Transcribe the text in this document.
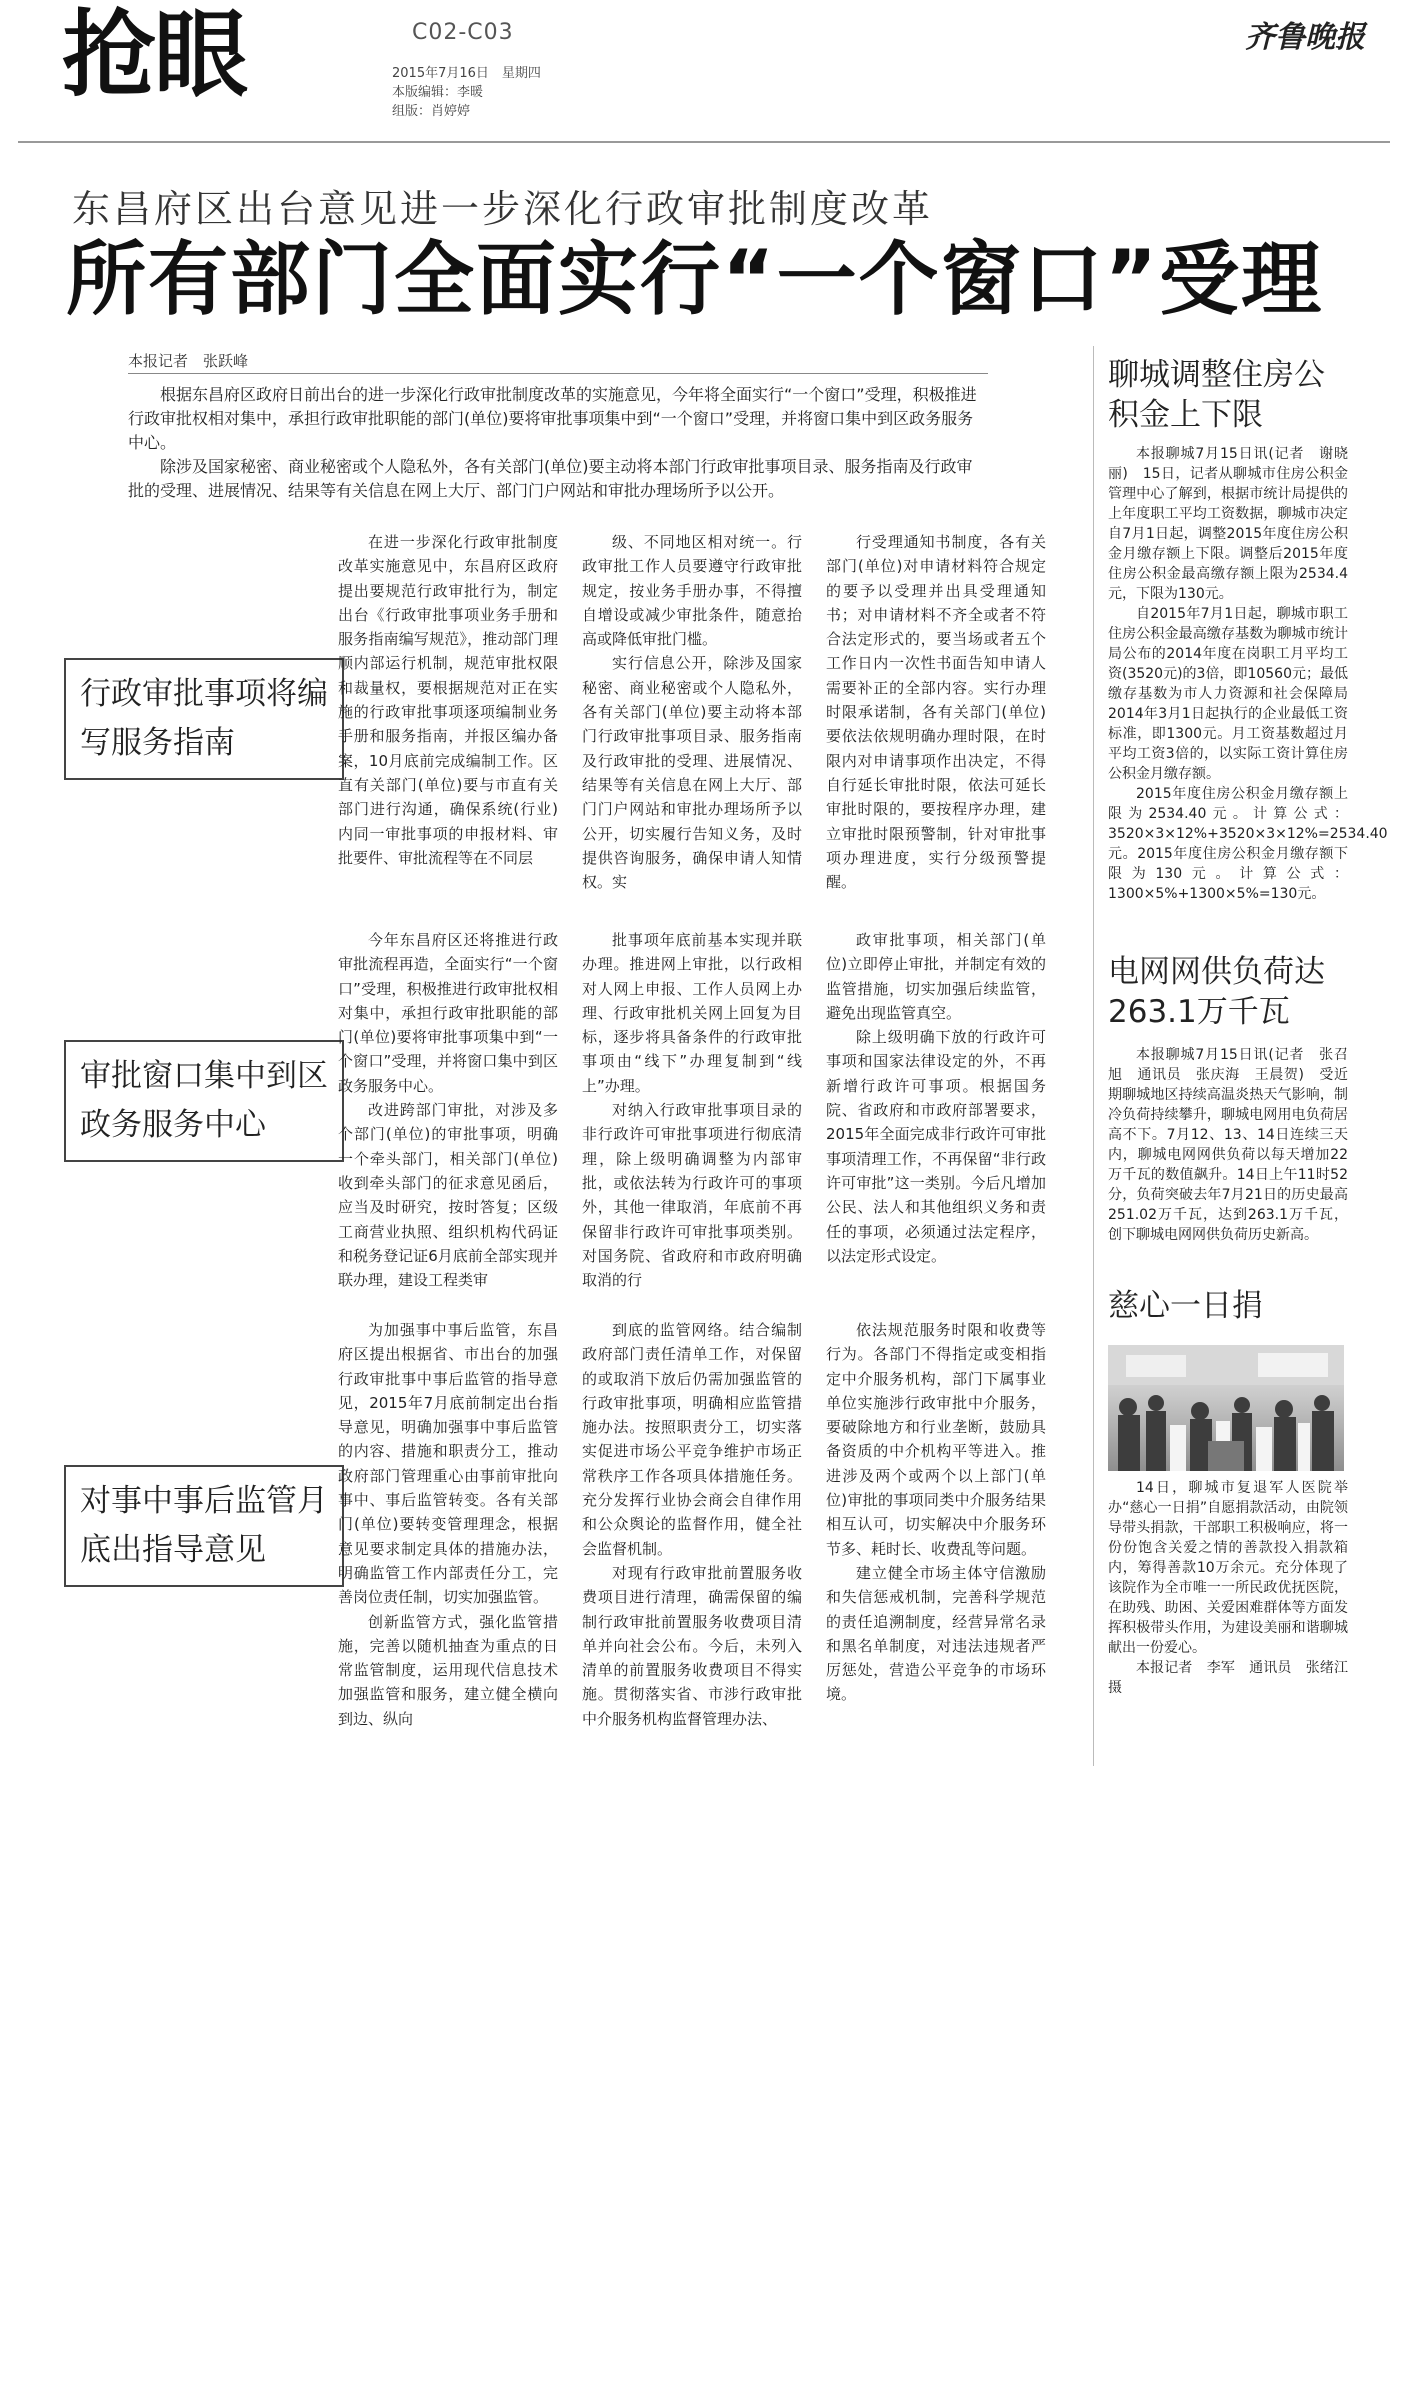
抢眼	C02-C03
2015年7月16日　星期四
本版编辑：李暖
组版：肖婷婷
齐鲁晚报
东昌府区出台意见进一步深化行政审批制度改革
所有部门全面实行“一个窗口”受理
本报记者　张跃峰

根据东昌府区政府日前出台的进一步深化行政审批制度改革的实施意见，今年将全面实行“一个窗口”受理，积极推进行政审批权相对集中，承担行政审批职能的部门(单位)要将审批事项集中到“一个窗口”受理，并将窗口集中到区政务服务中心。

除涉及国家秘密、商业秘密或个人隐私外，各有关部门(单位)要主动将本部门行政审批事项目录、服务指南及行政审批的受理、进展情况、结果等有关信息在网上大厅、部门门户网站和审批办理场所予以公开。

行政审批事项将编写服务指南

在进一步深化行政审批制度改革实施意见中，东昌府区政府提出要规范行政审批行为，制定出台《行政审批事项业务手册和服务指南编写规范》，推动部门理顺内部运行机制，规范审批权限和裁量权，要根据规范对正在实施的行政审批事项逐项编制业务手册和服务指南，并报区编办备案，10月底前完成编制工作。区直有关部门(单位)要与市直有关部门进行沟通，确保系统(行业)内同一审批事项的申报材料、审批要件、审批流程等在不同层

级、不同地区相对统一。行政审批工作人员要遵守行政审批规定，按业务手册办事，不得擅自增设或减少审批条件，随意抬高或降低审批门槛。

实行信息公开，除涉及国家秘密、商业秘密或个人隐私外，各有关部门(单位)要主动将本部门行政审批事项目录、服务指南及行政审批的受理、进展情况、结果等有关信息在网上大厅、部门门户网站和审批办理场所予以公开，切实履行告知义务，及时提供咨询服务，确保申请人知情权。实

行受理通知书制度，各有关部门(单位)对申请材料符合规定的要予以受理并出具受理通知书；对申请材料不齐全或者不符合法定形式的，要当场或者五个工作日内一次性书面告知申请人需要补正的全部内容。实行办理时限承诺制，各有关部门(单位)要依法依规明确办理时限，在时限内对申请事项作出决定，不得自行延长审批时限，依法可延长审批时限的，要按程序办理，建立审批时限预警制，针对审批事项办理进度，实行分级预警提醒。

审批窗口集中到区政务服务中心

今年东昌府区还将推进行政审批流程再造，全面实行“一个窗口”受理，积极推进行政审批权相对集中，承担行政审批职能的部门(单位)要将审批事项集中到“一个窗口”受理，并将窗口集中到区政务服务中心。

改进跨部门审批，对涉及多个部门(单位)的审批事项，明确一个牵头部门，相关部门(单位)收到牵头部门的征求意见函后，应当及时研究，按时答复；区级工商营业执照、组织机构代码证和税务登记证6月底前全部实现并联办理，建设工程类审

批事项年底前基本实现并联办理。推进网上审批，以行政相对人网上申报、工作人员网上办理、行政审批机关网上回复为目标，逐步将具备条件的行政审批事项由“线下”办理复制到“线上”办理。

对纳入行政审批事项目录的非行政许可审批事项进行彻底清理，除上级明确调整为内部审批，或依法转为行政许可的事项外，其他一律取消，年底前不再保留非行政许可审批事项类别。对国务院、省政府和市政府明确取消的行

政审批事项，相关部门(单位)立即停止审批，并制定有效的监管措施，切实加强后续监管，避免出现监管真空。

除上级明确下放的行政许可事项和国家法律设定的外，不再新增行政许可事项。根据国务院、省政府和市政府部署要求，2015年全面完成非行政许可审批事项清理工作，不再保留“非行政许可审批”这一类别。今后凡增加公民、法人和其他组织义务和责任的事项，必须通过法定程序，以法定形式设定。

对事中事后监管月底出指导意见

为加强事中事后监管，东昌府区提出根据省、市出台的加强行政审批事中事后监管的指导意见，2015年7月底前制定出台指导意见，明确加强事中事后监管的内容、措施和职责分工，推动政府部门管理重心由事前审批向事中、事后监管转变。各有关部门(单位)要转变管理理念，根据意见要求制定具体的措施办法，明确监管工作内部责任分工，完善岗位责任制，切实加强监管。

创新监管方式，强化监管措施，完善以随机抽查为重点的日常监管制度，运用现代信息技术加强监管和服务，建立健全横向到边、纵向

到底的监管网络。结合编制政府部门责任清单工作，对保留的或取消下放后仍需加强监管的行政审批事项，明确相应监管措施办法。按照职责分工，切实落实促进市场公平竞争维护市场正常秩序工作各项具体措施任务。充分发挥行业协会商会自律作用和公众舆论的监督作用，健全社会监督机制。

对现有行政审批前置服务收费项目进行清理，确需保留的编制行政审批前置服务收费项目清单并向社会公布。今后，未列入清单的前置服务收费项目不得实施。贯彻落实省、市涉行政审批中介服务机构监督管理办法、

依法规范服务时限和收费等行为。各部门不得指定或变相指定中介服务机构，部门下属事业单位实施涉行政审批中介服务，要破除地方和行业垄断，鼓励具备资质的中介机构平等进入。推进涉及两个或两个以上部门(单位)审批的事项同类中介服务结果相互认可，切实解决中介服务环节多、耗时长、收费乱等问题。

建立健全市场主体守信激励和失信惩戒机制，完善科学规范的责任追溯制度，经营异常名录和黑名单制度，对违法违规者严厉惩处，营造公平竞争的市场环境。

聊城调整住房公积金上下限

本报聊城7月15日讯(记者　谢晓丽)　15日，记者从聊城市住房公积金管理中心了解到，根据市统计局提供的上年度职工平均工资数据，聊城市决定自7月1日起，调整2015年度住房公积金月缴存额上下限。调整后2015年度住房公积金最高缴存额上限为2534.4元，下限为130元。

自2015年7月1日起，聊城市职工住房公积金最高缴存基数为聊城市统计局公布的2014年度在岗职工月平均工资(3520元)的3倍，即10560元；最低缴存基数为市人力资源和社会保障局2014年3月1日起执行的企业最低工资标准，即1300元。月工资基数超过月平均工资3倍的，以实际工资计算住房公积金月缴存额。

2015年度住房公积金月缴存额上限为2534.40元。计算公式：3520×3×12%+3520×3×12%=2534.40元。2015年度住房公积金月缴存额下限为130元。计算公式：1300×5%+1300×5%=130元。

电网网供负荷达263.1万千瓦

本报聊城7月15日讯(记者　张召旭　通讯员　张庆海　王晨贺)　受近期聊城地区持续高温炎热天气影响，制冷负荷持续攀升，聊城电网用电负荷居高不下。7月12、13、14日连续三天内，聊城电网网供负荷以每天增加22万千瓦的数值飙升。14日上午11时52分，负荷突破去年7月21日的历史最高251.02万千瓦，达到263.1万千瓦，创下聊城电网网供负荷历史新高。

慈心一日捐

14日，聊城市复退军人医院举办“慈心一日捐”自愿捐款活动，由院领导带头捐款，干部职工积极响应，将一份份饱含关爱之情的善款投入捐款箱内，筹得善款10万余元。充分体现了该院作为全市唯一一所民政优抚医院，在助残、助困、关爱困难群体等方面发挥积极带头作用，为建设美丽和谐聊城献出一份爱心。

本报记者　李军　通讯员　张绪江　摄
